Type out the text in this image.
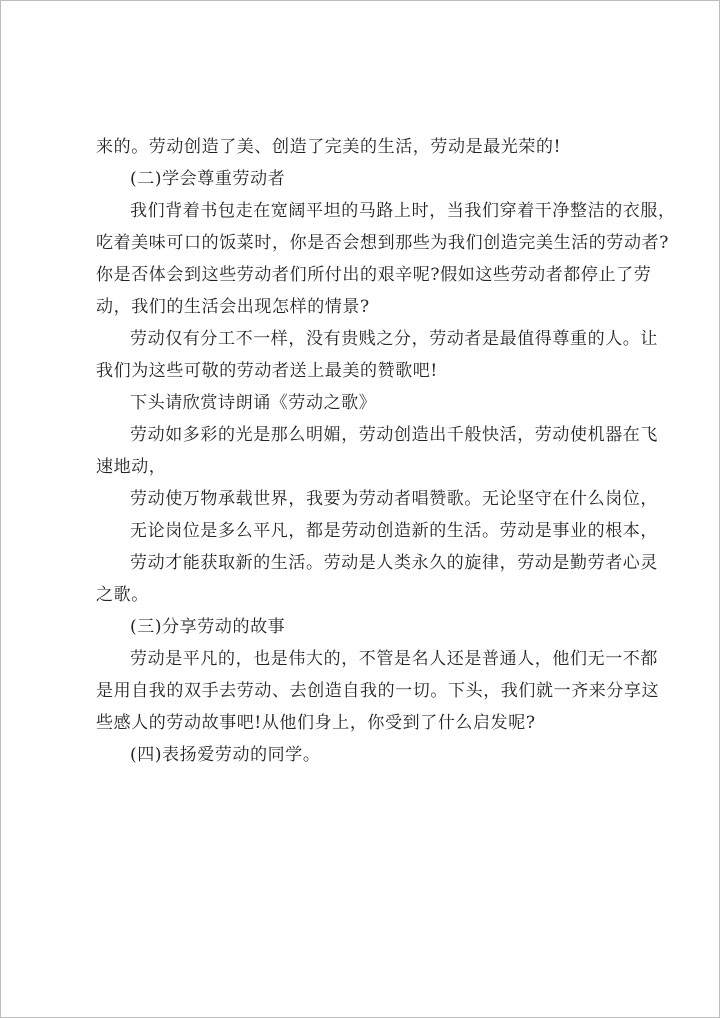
来的。劳动创造了美、创造了完美的生活，劳动是最光荣的!
(二)学会尊重劳动者
我们背着书包走在宽阔平坦的马路上时，当我们穿着干净整洁的衣服，
吃着美味可口的饭菜时，你是否会想到那些为我们创造完美生活的劳动者?
你是否体会到这些劳动者们所付出的艰辛呢?假如这些劳动者都停止了劳
动，我们的生活会出现怎样的情景?
劳动仅有分工不一样，没有贵贱之分，劳动者是最值得尊重的人。让
我们为这些可敬的劳动者送上最美的赞歌吧!
下头请欣赏诗朗诵《劳动之歌》
劳动如多彩的光是那么明媚，劳动创造出千般快活，劳动使机器在飞
速地动，
劳动使万物承载世界，我要为劳动者唱赞歌。无论坚守在什么岗位，
无论岗位是多么平凡，都是劳动创造新的生活。劳动是事业的根本，
劳动才能获取新的生活。劳动是人类永久的旋律，劳动是勤劳者心灵
之歌。
(三)分享劳动的故事
劳动是平凡的，也是伟大的，不管是名人还是普通人，他们无一不都
是用自我的双手去劳动、去创造自我的一切。下头，我们就一齐来分享这
些感人的劳动故事吧!从他们身上，你受到了什么启发呢?
(四)表扬爱劳动的同学。
